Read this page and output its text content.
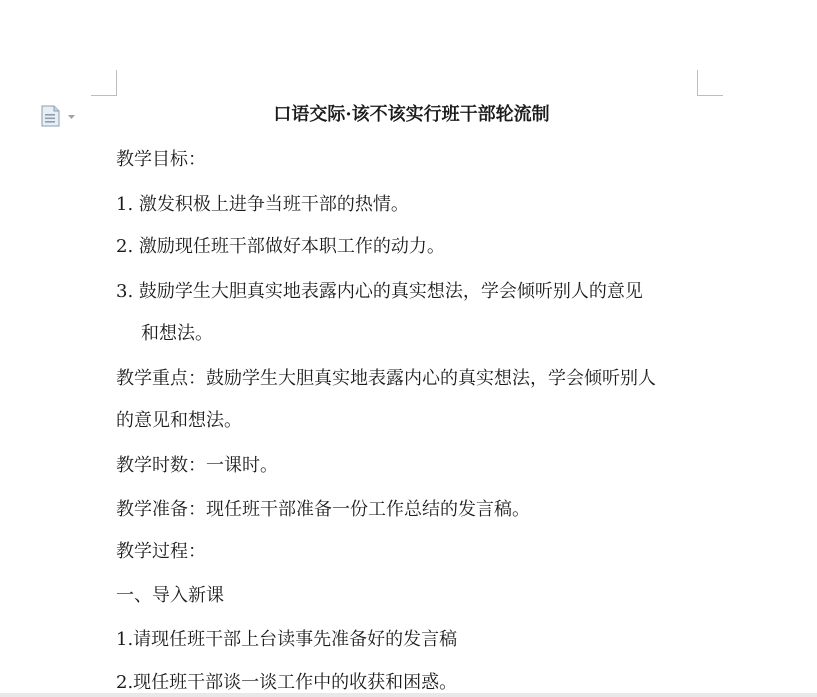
口语交际·该不该实行班干部轮流制
教学目标：
1. 激发积极上进争当班干部的热情。
2. 激励现任班干部做好本职工作的动力。
3. 鼓励学生大胆真实地表露内心的真实想法，学会倾听别人的意见
和想法。
教学重点：鼓励学生大胆真实地表露内心的真实想法，学会倾听别人
的意见和想法。
教学时数：一课时。
教学准备：现任班干部准备一份工作总结的发言稿。
教学过程：
一、导入新课
1.请现任班干部上台读事先准备好的发言稿
2.现任班干部谈一谈工作中的收获和困惑。
